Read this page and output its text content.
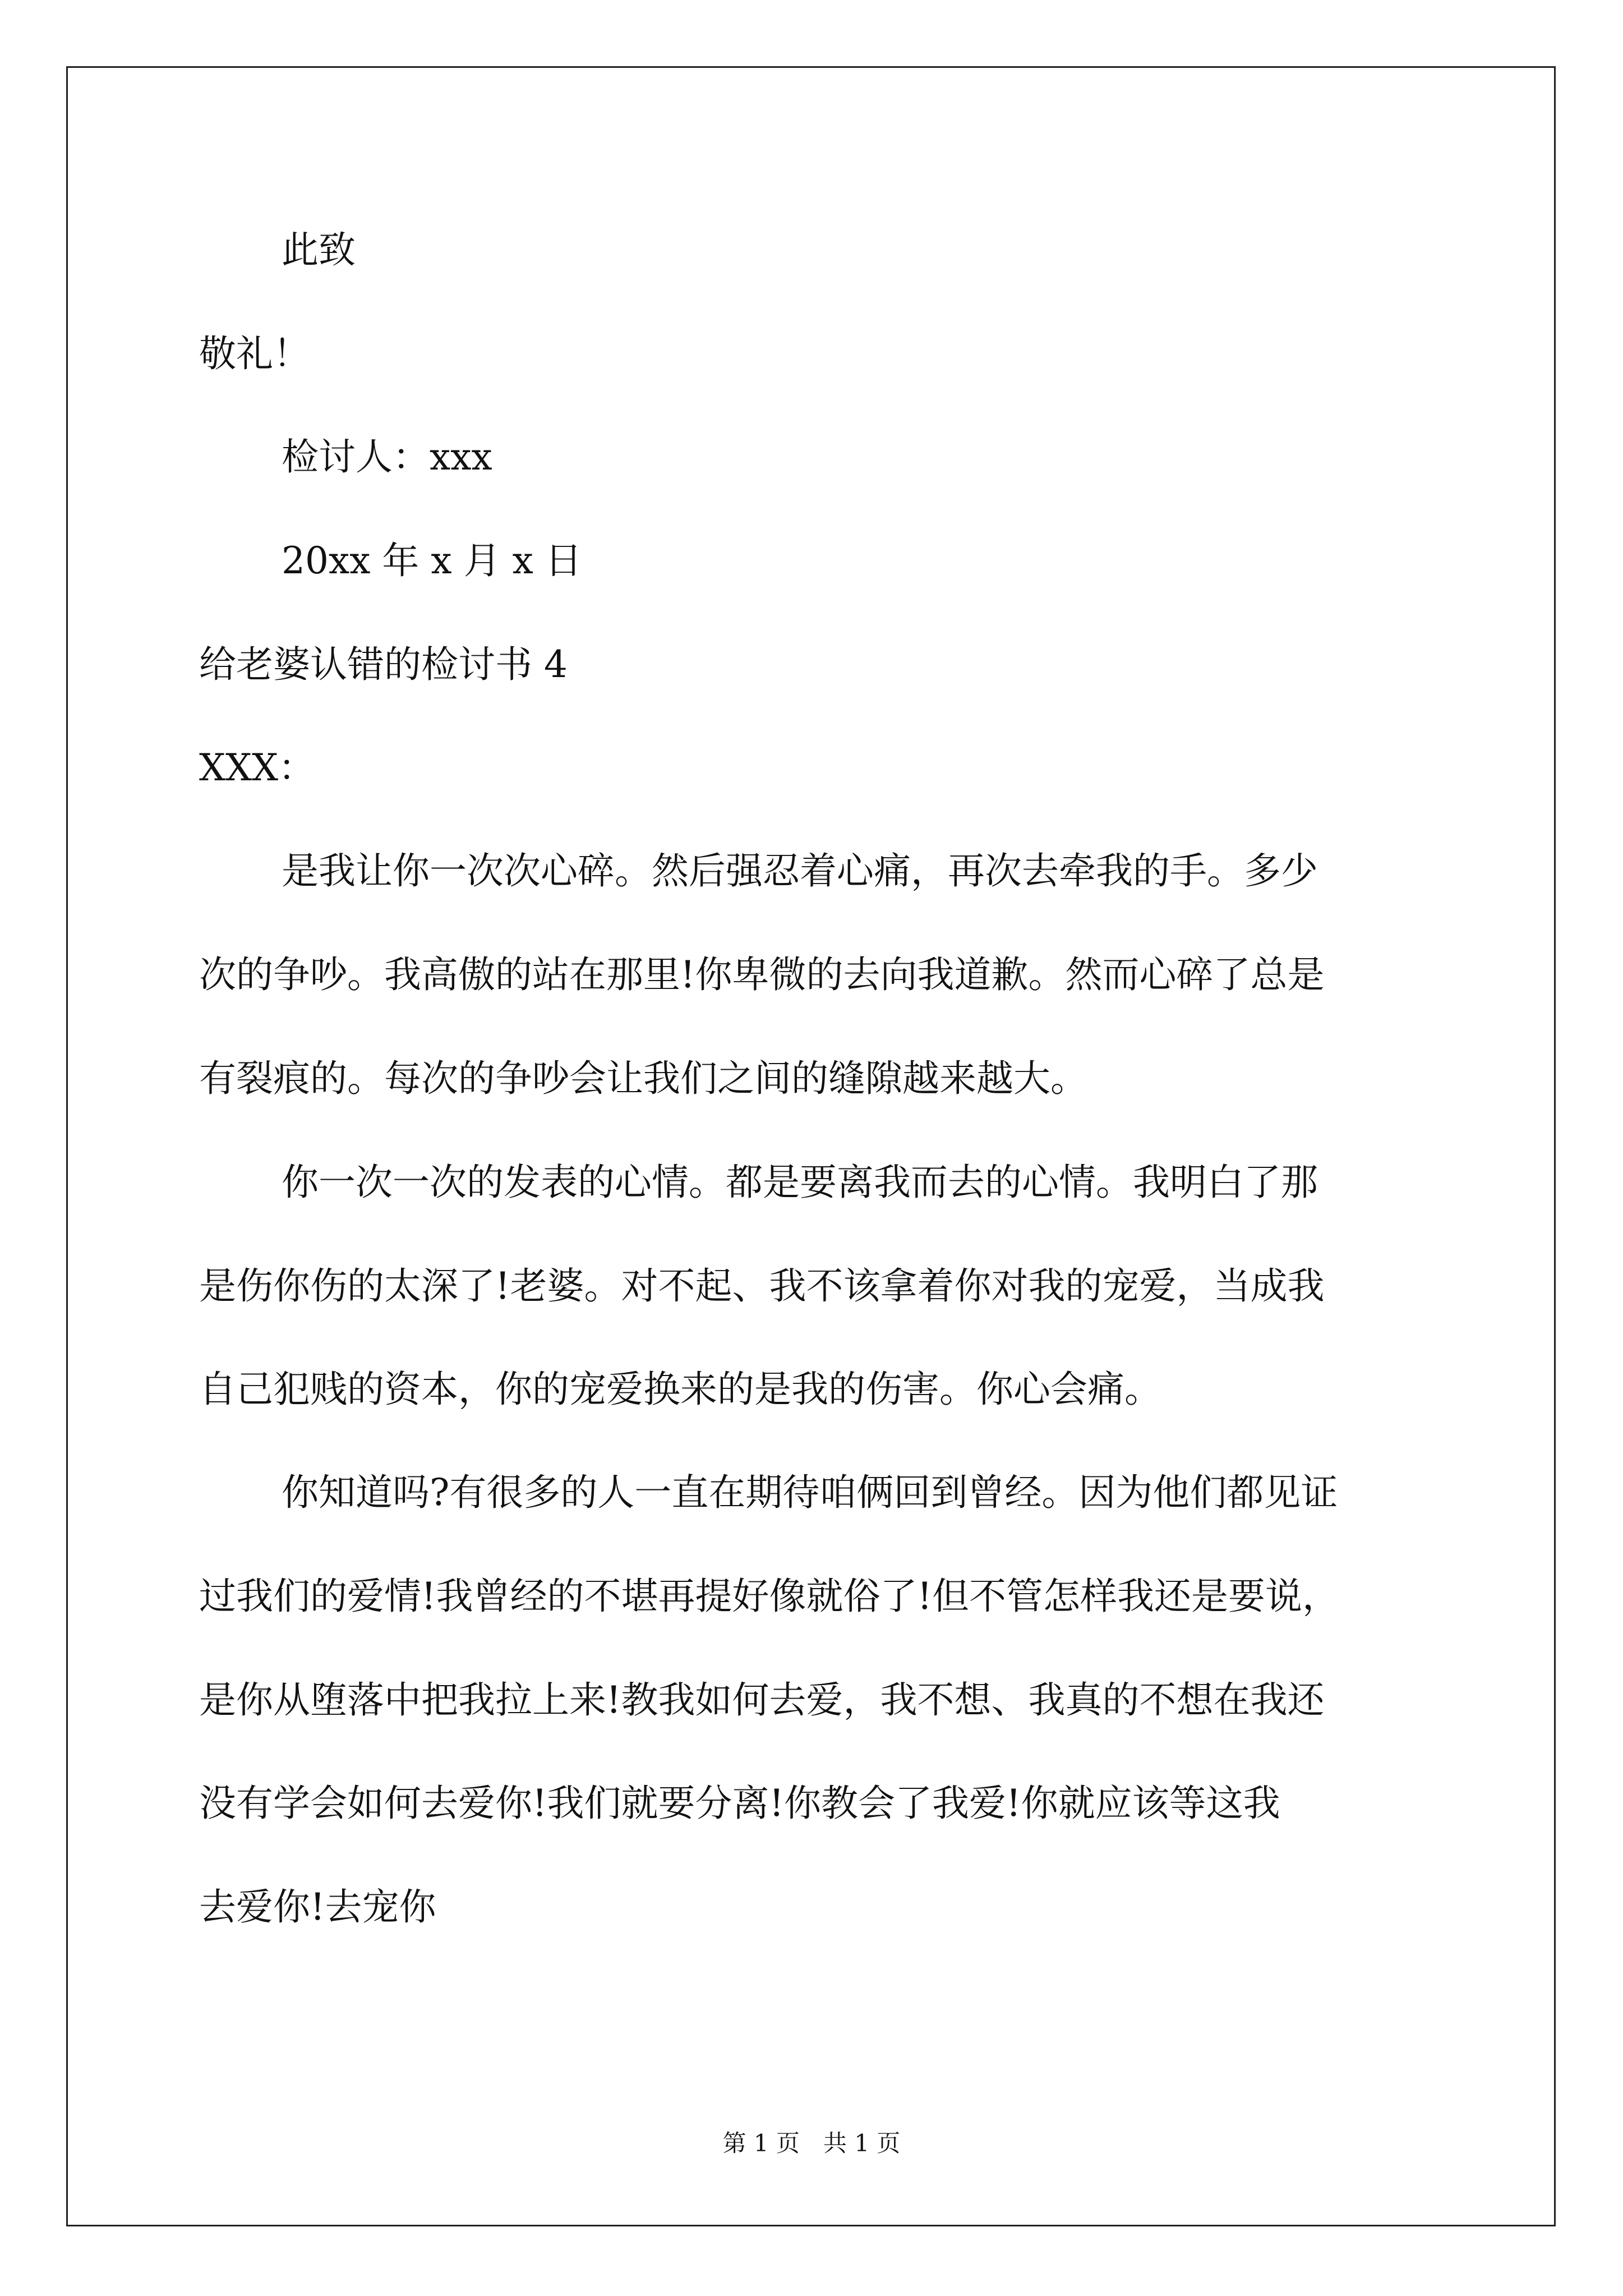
此致
敬礼！
检讨人：xxx
20xx 年 x 月 x 日
给老婆认错的检讨书 4
XXX：
是我让你一次次心碎。然后强忍着心痛，再次去牵我的手。多少
次的争吵。我高傲的站在那里!你卑微的去向我道歉。然而心碎了总是
有裂痕的。每次的争吵会让我们之间的缝隙越来越大。
你一次一次的发表的心情。都是要离我而去的心情。我明白了那
是伤你伤的太深了!老婆。对不起、我不该拿着你对我的宠爱，当成我
自己犯贱的资本，你的宠爱换来的是我的伤害。你心会痛。
你知道吗?有很多的人一直在期待咱俩回到曾经。因为他们都见证
过我们的爱情!我曾经的不堪再提好像就俗了!但不管怎样我还是要说，
是你从堕落中把我拉上来!教我如何去爱，我不想、我真的不想在我还
没有学会如何去爱你!我们就要分离!你教会了我爱!你就应该等这我
去爱你!去宠你
第 1 页　共 1 页
